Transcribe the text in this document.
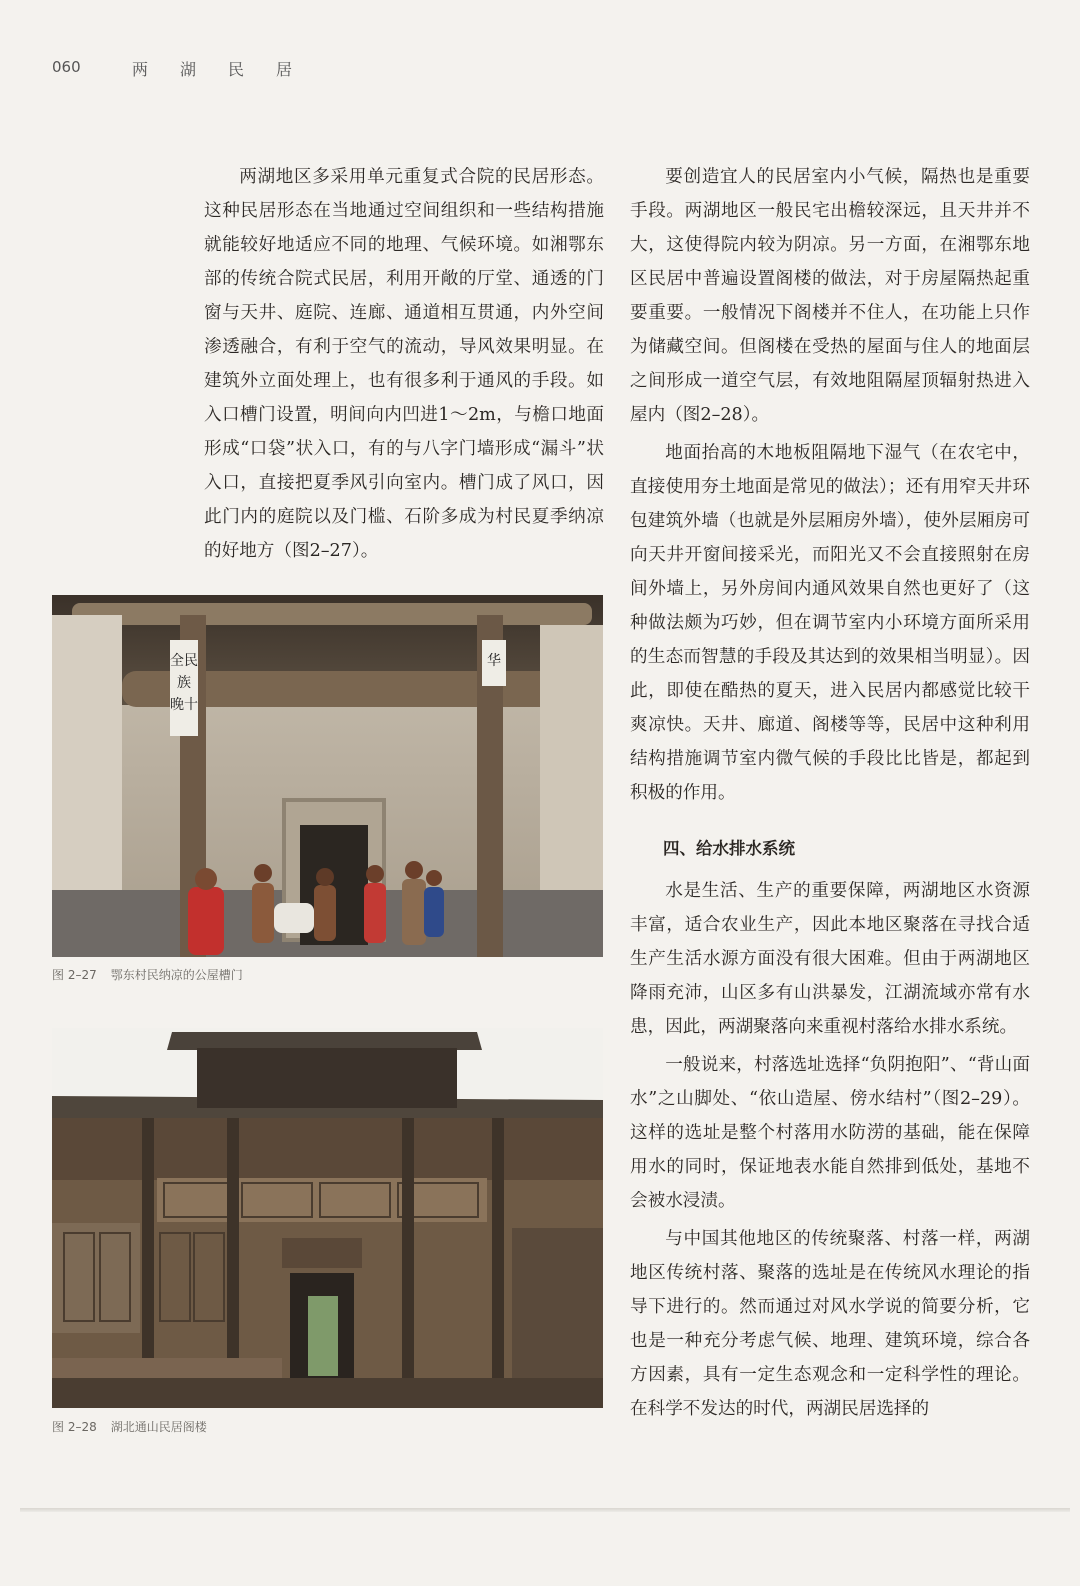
060	两湖民居

两湖地区多采用单元重复式合院的民居形态。这种民居形态在当地通过空间组织和一些结构措施就能较好地适应不同的地理、气候环境。如湘鄂东部的传统合院式民居，利用开敞的厅堂、通透的门窗与天井、庭院、连廊、通道相互贯通，内外空间渗透融合，有利于空气的流动，导风效果明显。在建筑外立面处理上，也有很多利于通风的手段。如入口槽门设置，明间向内凹进1～2m，与檐口地面形成“口袋”状入口，有的与八字门墙形成“漏斗”状入口，直接把夏季风引向室内。槽门成了风口，因此门内的庭院以及门槛、石阶多成为村民夏季纳凉的好地方（图2–27）。

要创造宜人的民居室内小气候，隔热也是重要手段。两湖地区一般民宅出檐较深远，且天井并不大，这使得院内较为阴凉。另一方面，在湘鄂东地区民居中普遍设置阁楼的做法，对于房屋隔热起重要重要。一般情况下阁楼并不住人，在功能上只作为储藏空间。但阁楼在受热的屋面与住人的地面层之间形成一道空气层，有效地阻隔屋顶辐射热进入屋内（图2–28）。

地面抬高的木地板阻隔地下湿气（在农宅中，直接使用夯土地面是常见的做法）；还有用窄天井环包建筑外墙（也就是外层厢房外墙），使外层厢房可向天井开窗间接采光，而阳光又不会直接照射在房间外墙上，另外房间内通风效果自然也更好了（这种做法颇为巧妙，但在调节室内小环境方面所采用的生态而智慧的手段及其达到的效果相当明显）。因此，即使在酷热的夏天，进入民居内都感觉比较干爽凉快。天井、廊道、阁楼等等，民居中这种利用结构措施调节室内微气候的手段比比皆是，都起到积极的作用。

四、给水排水系统

水是生活、生产的重要保障，两湖地区水资源丰富，适合农业生产，因此本地区聚落在寻找合适生产生活水源方面没有很大困难。但由于两湖地区降雨充沛，山区多有山洪暴发，江湖流域亦常有水患，因此，两湖聚落向来重视村落给水排水系统。

一般说来，村落选址选择“负阴抱阳”、“背山面水”之山脚处、“依山造屋、傍水结村”（图2–29）。这样的选址是整个村落用水防涝的基础，能在保障用水的同时，保证地表水能自然排到低处，基地不会被水浸渍。

与中国其他地区的传统聚落、村落一样，两湖地区传统村落、聚落的选址是在传统风水理论的指导下进行的。然而通过对风水学说的简要分析，它也是一种充分考虑气候、地理、建筑环境，综合各方因素，具有一定生态观念和一定科学性的理论。在科学不发达的时代，两湖民居选择的

全民
族
晚十
华
图 2–27 鄂东村民纳凉的公屋槽门
图 2–28 湖北通山民居阁楼
